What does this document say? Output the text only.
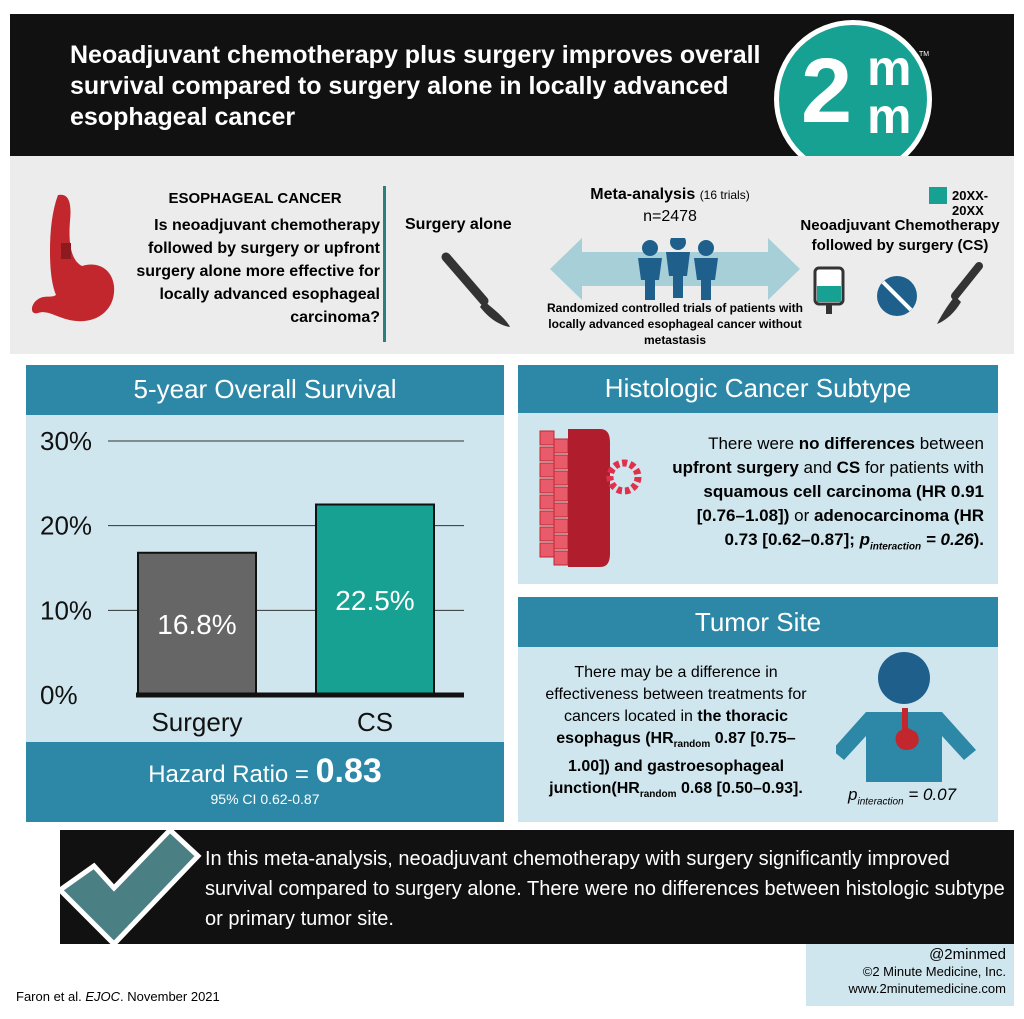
Neoadjuvant chemotherapy plus surgery improves overall survival compared to surgery alone in locally advanced esophageal cancer	2 m
m
TM
ESOPHAGEAL CANCER
Is neoadjuvant chemotherapy followed by surgery or upfront surgery alone more effective for locally advanced esophageal carcinoma?
Surgery alone
Meta-analysis (16 trials)
n=2478
Randomized controlled trials of patients with locally advanced esophageal cancer without metastasis
20XX-20XX
Neoadjuvant Chemotherapy followed by surgery (CS)
5-year Overall Survival
0%
10%
20%
30%
16.8%
Surgery
22.5%
CS
Hazard Ratio = 0.83
95% CI 0.62-0.87
Histologic Cancer Subtype
There were no differences between upfront surgery and CS for patients with squamous cell carcinoma (HR 0.91 [0.76–1.08]) or adenocarcinoma (HR 0.73 [0.62–0.87]; $p_{interaction} = 0.26$).
Tumor Site
There may be a difference in effectiveness between treatments for cancers located in the thoracic esophagus ($HR_{random}$ 0.87 [0.75–1.00]) and gastroesophageal $junction(HR_{random}$ 0.68 [0.50–0.93].	$p_{interaction} = 0.07$
In this meta-analysis, neoadjuvant chemotherapy with surgery significantly improved survival compared to surgery alone. There were no differences between histologic subtype or primary tumor site.
Faron et al. EJOC. November 2021
@2minmed
©2 Minute Medicine, Inc.
www.2minutemedicine.com
